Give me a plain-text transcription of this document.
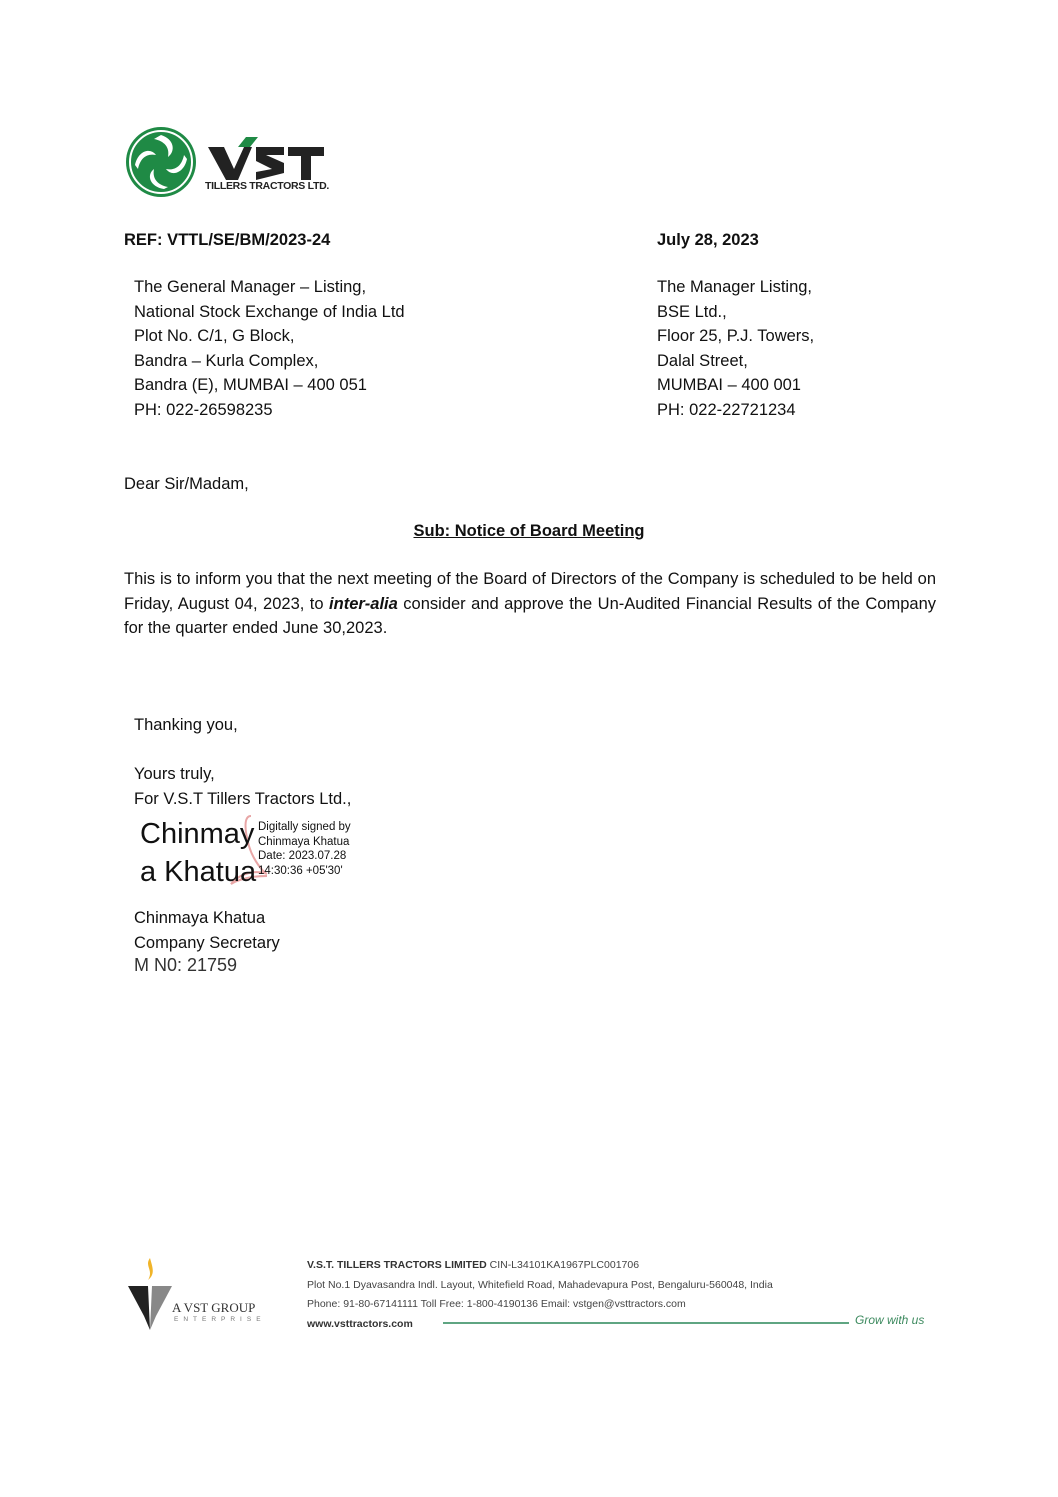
TILLERS TRACTORS LTD.
REF: VTTL/SE/BM/2023-24	July 28, 2023
The General Manager – Listing,
National Stock Exchange of India Ltd
Plot No. C/1, G Block,
Bandra – Kurla Complex,
Bandra (E), MUMBAI – 400 051
PH: 022-26598235
The Manager Listing,
BSE Ltd.,
Floor 25, P.J. Towers,
Dalal Street,
MUMBAI – 400 001
PH: 022-22721234
Dear Sir/Madam,
Sub: Notice of Board Meeting
This is to inform you that the next meeting of the Board of Directors of the Company is scheduled to be held on Friday, August 04, 2023, to inter-alia consider and approve the Un-Audited Financial Results of the Company for the quarter ended June 30,2023.
Thanking you,
Yours truly,
For V.S.T Tillers Tractors Ltd.,
Chinmay
a Khatua
Digitally signed by
Chinmaya Khatua
Date: 2023.07.28
14:30:36 +05'30'
Chinmaya Khatua
Company Secretary
M N0: 21759
A VST GROUP
ENTERPRISE
V.S.T. TILLERS TRACTORS LIMITED CIN-L34101KA1967PLC001706
Plot No.1 Dyavasandra Indl. Layout, Whitefield Road, Mahadevapura Post, Bengaluru-560048, India
Phone: 91-80-67141111 Toll Free: 1-800-4190136 Email: vstgen@vsttractors.com
www.vsttractors.com	Grow with us
